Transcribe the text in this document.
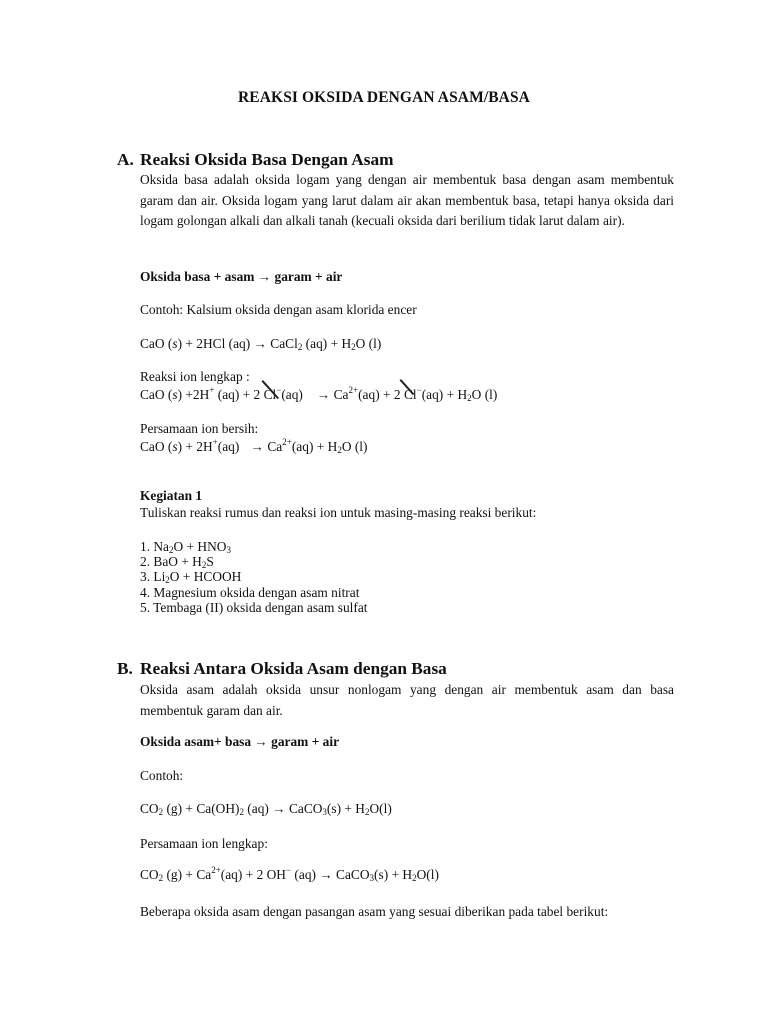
REAKSI OKSIDA DENGAN ASAM/BASA
A. Reaksi Oksida Basa Dengan Asam
Oksida basa adalah oksida logam yang dengan air membentuk basa dengan asam membentuk garam dan air. Oksida logam yang larut dalam air akan membentuk basa, tetapi hanya oksida dari logam golongan alkali dan alkali tanah (kecuali oksida dari berilium tidak larut dalam air).
Oksida basa + asam → garam + air
Contoh: Kalsium oksida dengan asam klorida encer
CaO (s) + 2HCl (aq) → CaCl$_2$ $(aq) + H_2O$ (l)
Reaksi ion lengkap :
CaO (s) +2H+ (aq) + 2 $Cl^-(aq) \to Ca^{2+}(aq) + 2$ $Cl^-(aq) + H_2O$ (l)
Persamaan ion bersih:
CaO $(s) + 2H^+(aq) \to Ca^{2+}(aq) + H_2O$ (l)
Kegiatan 1
Tuliskan reaksi rumus dan reaksi ion untuk masing-masing reaksi berikut:
1. $Na_2O + HNO_3$
2. BaO + $H_2S$
3. $Li_2O$ + HCOOH
4. Magnesium oksida dengan asam nitrat
5. Tembaga (II) oksida dengan asam sulfat
B. Reaksi Antara Oksida Asam dengan Basa
Oksida asam adalah oksida unsur nonlogam yang dengan air membentuk asam dan basa membentuk garam dan air.
Oksida asam+ basa → garam + air
Contoh:
$CO_2$ $(g) + Ca(OH)_2$ (aq) → CaCO$_3$(s) + $H_2O(l)$
Persamaan ion lengkap:
$CO_2$ $(g) + Ca^{2+}(aq) + 2$ OH− (aq) → CaCO$_3$(s) + $H_2O(l)$
Beberapa oksida asam dengan pasangan asam yang sesuai diberikan pada tabel berikut:
